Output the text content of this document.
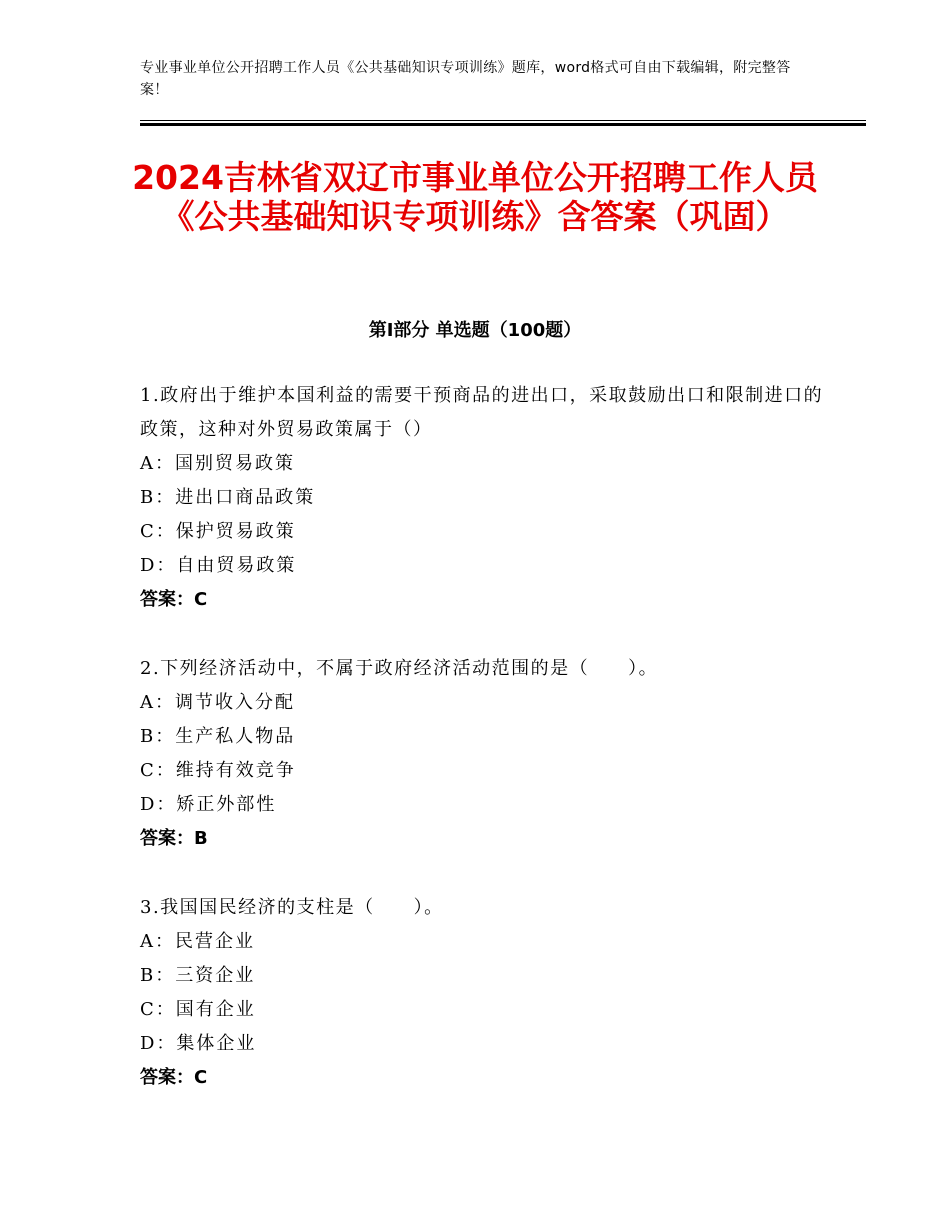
专业事业单位公开招聘工作人员《公共基础知识专项训练》题库，word格式可自由下载编辑，附完整答案！
2024吉林省双辽市事业单位公开招聘工作人员《公共基础知识专项训练》含答案（巩固）
第Ⅰ部分 单选题（100题）
1.政府出于维护本国利益的需要干预商品的进出口，采取鼓励出口和限制进口的政策，这种对外贸易政策属于（）
A：国别贸易政策
B：进出口商品政策
C：保护贸易政策
D：自由贸易政策
答案：C
2.下列经济活动中，不属于政府经济活动范围的是（　　）。
A：调节收入分配
B：生产私人物品
C：维持有效竞争
D：矫正外部性
答案：B
3.我国国民经济的支柱是（　　）。
A：民营企业
B：三资企业
C：国有企业
D：集体企业
答案：C
